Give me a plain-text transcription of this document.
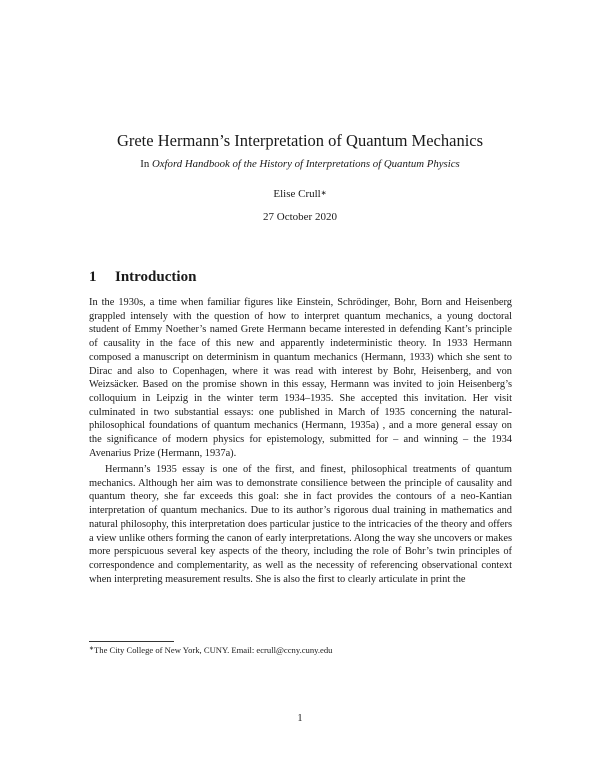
Grete Hermann’s Interpretation of Quantum Mechanics
In Oxford Handbook of the History of Interpretations of Quantum Physics
Elise Crull∗
27 October 2020
1 Introduction

In the 1930s, a time when familiar figures like Einstein, Schrödinger, Bohr, Born and Heisenberg grappled intensely with the question of how to interpret quantum mechanics, a young doctoral student of Emmy Noether’s named Grete Hermann became interested in defending Kant’s principle of causality in the face of this new and apparently indeterministic theory. In 1933 Hermann composed a manuscript on determinism in quantum mechanics (Hermann, 1933) which she sent to Dirac and also to Copenhagen, where it was read with interest by Bohr, Heisenberg, and von Weizsäcker. Based on the promise shown in this essay, Hermann was invited to join Heisenberg’s colloquium in Leipzig in the winter term 1934–1935. She accepted this invitation. Her visit culminated in two substantial essays: one published in March of 1935 concerning the natural-philosophical foundations of quantum mechanics (Hermann, 1935a) , and a more general essay on the significance of modern physics for epistemology, submitted for – and winning – the 1934 Avenarius Prize (Hermann, 1937a).

Hermann’s 1935 essay is one of the first, and finest, philosophical treatments of quantum mechanics. Although her aim was to demonstrate consilience between the principle of causality and quantum theory, she far exceeds this goal: she in fact provides the contours of a neo-Kantian interpretation of quantum mechanics. Due to its author’s rigorous dual training in mathematics and natural philosophy, this interpretation does particular justice to the intricacies of the theory and offers a view unlike others forming the canon of early interpretations. Along the way she uncovers or makes more perspicuous several key aspects of the theory, including the role of Bohr’s twin principles of correspondence and complementarity, as well as the necessity of referencing observational context when interpreting measurement results. She is also the first to clearly articulate in print the

∗The City College of New York, CUNY. Email: ecrull@ccny.cuny.edu
1
